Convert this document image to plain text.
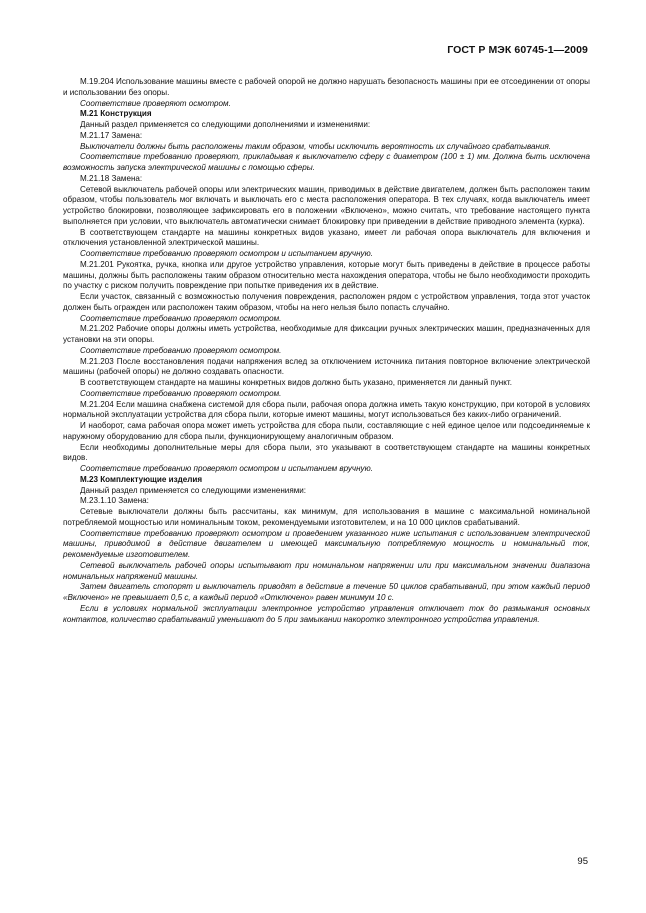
ГОСТ Р МЭК 60745-1—2009

М.19.204 Использование машины вместе с рабочей опорой не должно нарушать безопасность машины при ее отсоединении от опоры и использовании без опоры.

Соответствие проверяют осмотром.

М.21 Конструкция

Данный раздел применяется со следующими дополнениями и изменениями:

М.21.17 Замена:

Выключатели должны быть расположены таким образом, чтобы исключить вероятность их случайного срабатывания.

Соответствие требованию проверяют, прикладывая к выключателю сферу с диаметром (100 ± 1) мм. Должна быть исключена возможность запуска электрической машины с помощью сферы.

М.21.18 Замена:

Сетевой выключатель рабочей опоры или электрических машин, приводимых в действие двигателем, должен быть расположен таким образом, чтобы пользователь мог включать и выключать его с места расположения оператора. В тех случаях, когда выключатель имеет устройство блокировки, позволяющее зафиксировать его в положении «Включено», можно считать, что требование настоящего пункта выполняется при условии, что выключатель автоматически снимает блокировку при приведении в действие приводного элемента (курка).

В соответствующем стандарте на машины конкретных видов указано, имеет ли рабочая опора выключатель для включения и отключения установленной электрической машины.

Соответствие требованию проверяют осмотром и испытанием вручную.

М.21.201 Рукоятка, ручка, кнопка или другое устройство управления, которые могут быть приведены в действие в процессе работы машины, должны быть расположены таким образом относительно места нахождения оператора, чтобы не было необходимости проходить по участку с риском получить повреждение при попытке приведения их в действие.

Если участок, связанный с возможностью получения повреждения, расположен рядом с устройством управления, тогда этот участок должен быть огражден или расположен таким образом, чтобы на него нельзя было попасть случайно.

Соответствие требованию проверяют осмотром.

М.21.202 Рабочие опоры должны иметь устройства, необходимые для фиксации ручных электрических машин, предназначенных для установки на эти опоры.

Соответствие требованию проверяют осмотром.

М.21.203 После восстановления подачи напряжения вслед за отключением источника питания повторное включение электрической машины (рабочей опоры) не должно создавать опасности.

В соответствующем стандарте на машины конкретных видов должно быть указано, применяется ли данный пункт.

Соответствие требованию проверяют осмотром.

М.21.204 Если машина снабжена системой для сбора пыли, рабочая опора должна иметь такую конструкцию, при которой в условиях нормальной эксплуатации устройства для сбора пыли, которые имеют машины, могут использоваться без каких-либо ограничений.

И наоборот, сама рабочая опора может иметь устройства для сбора пыли, составляющие с ней единое целое или подсоединяемые к наружному оборудованию для сбора пыли, функционирующему аналогичным образом.

Если необходимы дополнительные меры для сбора пыли, это указывают в соответствующем стандарте на машины конкретных видов.

Соответствие требованию проверяют осмотром и испытанием вручную.

М.23 Комплектующие изделия

Данный раздел применяется со следующими изменениями:

М.23.1.10 Замена:

Сетевые выключатели должны быть рассчитаны, как минимум, для использования в машине с максимальной номинальной потребляемой мощностью или номинальным током, рекомендуемыми изготовителем, и на 10 000 циклов срабатываний.

Соответствие требованию проверяют осмотром и проведением указанного ниже испытания с использованием электрической машины, приводимой в действие двигателем и имеющей максимальную потребляемую мощность и номинальный ток, рекомендуемые изготовителем.

Сетевой выключатель рабочей опоры испытывают при номинальном напряжении или при максимальном значении диапазона номинальных напряжений машины.

Затем двигатель стопорят и выключатель приводят в действие в течение 50 циклов срабатываний, при этом каждый период «Включено» не превышает 0,5 с, а каждый период «Отключено» равен минимум 10 с.

Если в условиях нормальной эксплуатации электронное устройство управления отключает ток до размыкания основных контактов, количество срабатываний уменьшают до 5 при замыкании накоротко электронного устройства управления.

95
